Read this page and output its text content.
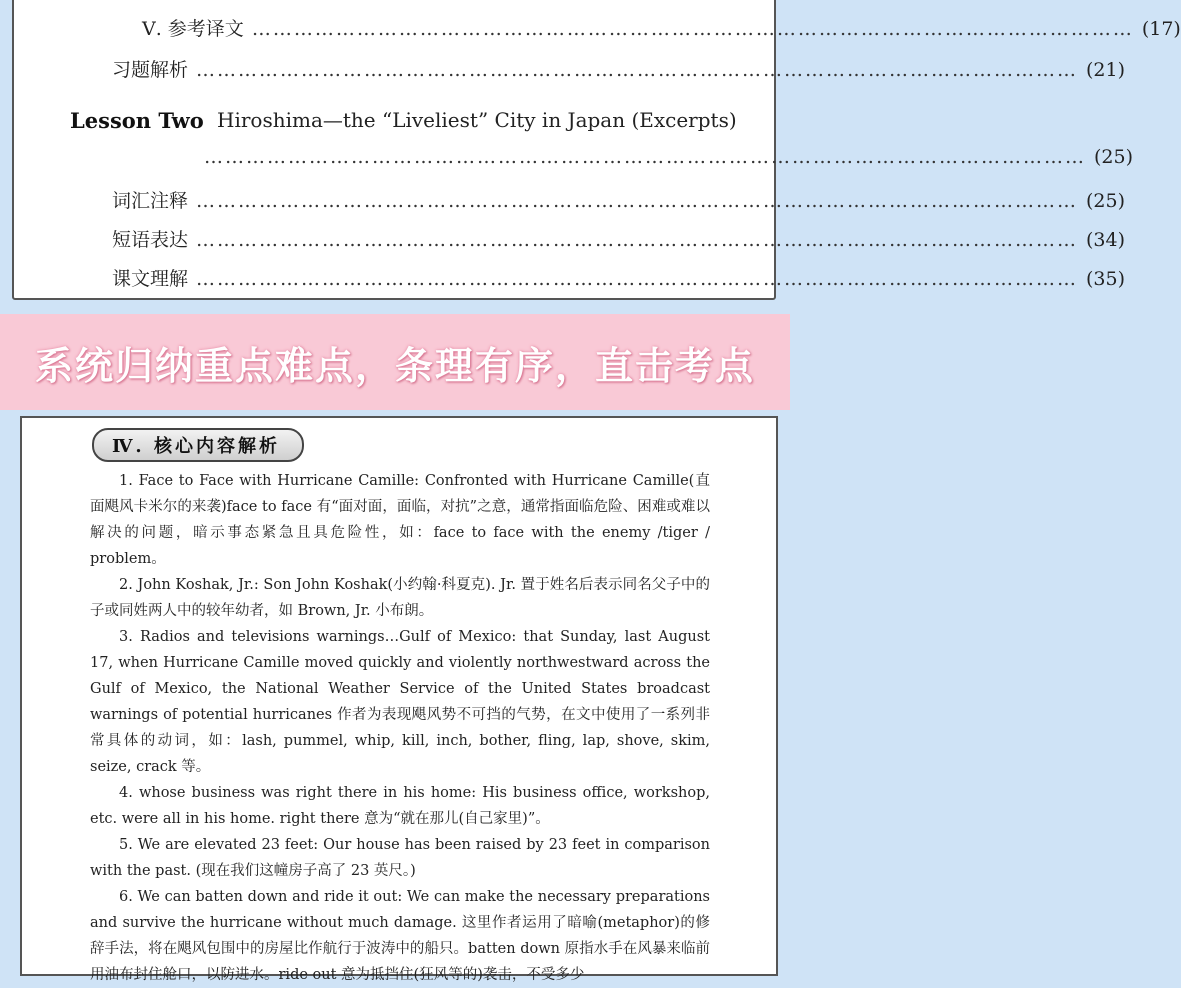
Ⅴ. 参考译文 ……………………………………………………………………………………………………………… (17)
习题解析 ……………………………………………………………………………………………………………… (21)
Lesson Two Hiroshima—the “Liveliest” City in Japan (Excerpts)
……………………………………………………………………………………………………………… (25)
词汇注释 ……………………………………………………………………………………………………………… (25)
短语表达 ……………………………………………………………………………………………………………… (34)
课文理解 ……………………………………………………………………………………………………………… (35)
系统归纳重点难点，条理有序，直击考点
Ⅳ. 核心内容解析

1. Face to Face with Hurricane Camille: Confronted with Hurricane Camille(直面飓风卡米尔的来袭)face to face 有“面对面，面临，对抗”之意，通常指面临危险、困难或难以解决的问题，暗示事态紧急且具危险性，如：face to face with the enemy /tiger / problem。

2. John Koshak, Jr.: Son John Koshak(小约翰·科夏克). Jr. 置于姓名后表示同名父子中的子或同姓两人中的较年幼者，如 Brown, Jr. 小布朗。

3. Radios and televisions warnings…Gulf of Mexico: that Sunday, last August 17, when Hurricane Camille moved quickly and violently northwestward across the Gulf of Mexico, the National Weather Service of the United States broadcast warnings of potential hurricanes 作者为表现飓风势不可挡的气势，在文中使用了一系列非常具体的动词，如：lash, pummel, whip, kill, inch, bother, fling, lap, shove, skim, seize, crack 等。

4. whose business was right there in his home: His business office, workshop, etc. were all in his home. right there 意为“就在那儿(自己家里)”。

5. We are elevated 23 feet: Our house has been raised by 23 feet in comparison with the past. (现在我们这幢房子高了 23 英尺。)

6. We can batten down and ride it out: We can make the necessary preparations and survive the hurricane without much damage. 这里作者运用了暗喻(metaphor)的修辞手法，将在飓风包围中的房屋比作航行于波涛中的船只。batten down 原指水手在风暴来临前用油布封住舱口，以防进水。ride out 意为抵挡住(狂风等的)袭击，不受多少
